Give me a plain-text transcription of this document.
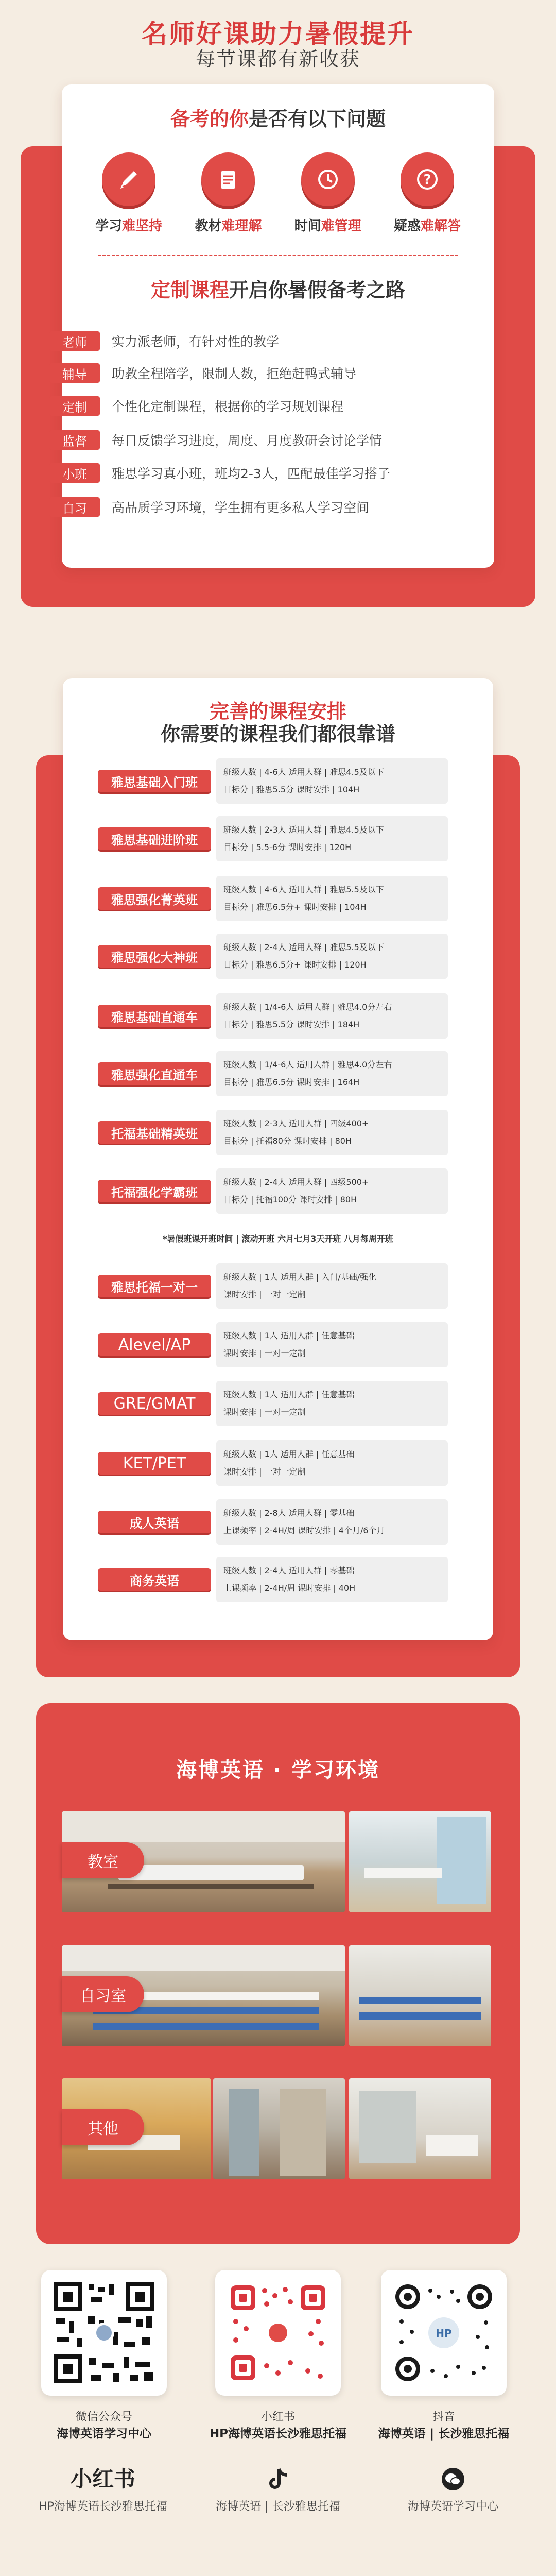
名师好课助力暑假提升
每节课都有新收获
备考的你是否有以下问题
学习难坚持	教材难理解	时间难管理
?
疑惑难解答
定制课程开启你暑假备考之路
老师	实力派老师，有针对性的教学
辅导	助教全程陪学，限制人数，拒绝赶鸭式辅导
定制	个性化定制课程，根据你的学习规划课程
监督	每日反馈学习进度，周度、月度教研会讨论学情
小班	雅思学习真小班，班均2-3人，匹配最佳学习搭子
自习	高品质学习环境，学生拥有更多私人学习空间
完善的课程安排
你需要的课程我们都很靠谱
雅思基础入门班
班级人数 | 4-6人 适用人群 | 雅思4.5及以下
目标分 | 雅思5.5分 课时安排 | 104H
雅思基础进阶班
班级人数 | 2-3人 适用人群 | 雅思4.5及以下
目标分 | 5.5-6分 课时安排 | 120H
雅思强化菁英班
班级人数 | 4-6人 适用人群 | 雅思5.5及以下
目标分 | 雅思6.5分+ 课时安排 | 104H
雅思强化大神班
班级人数 | 2-4人 适用人群 | 雅思5.5及以下
目标分 | 雅思6.5分+ 课时安排 | 120H
雅思基础直通车
班级人数 | 1/4-6人 适用人群 | 雅思4.0分左右
目标分 | 雅思5.5分 课时安排 | 184H
雅思强化直通车
班级人数 | 1/4-6人 适用人群 | 雅思4.0分左右
目标分 | 雅思6.5分 课时安排 | 164H
托福基础精英班
班级人数 | 2-3人 适用人群 | 四级400+
目标分 | 托福80分 课时安排 | 80H
托福强化学霸班
班级人数 | 2-4人 适用人群 | 四级500+
目标分 | 托福100分 课时安排 | 80H
*暑假班课开班时间 | 滚动开班 六月七月3天开班 八月每周开班
雅思托福一对一
班级人数 | 1人 适用人群 | 入门/基础/强化
课时安排 | 一对一定制
Alevel/AP	班级人数 | 1人 适用人群 | 任意基础
课时安排 | 一对一定制
GRE/GMAT	班级人数 | 1人 适用人群 | 任意基础
课时安排 | 一对一定制
KET/PET	班级人数 | 1人 适用人群 | 任意基础
课时安排 | 一对一定制
成人英语
班级人数 | 2-8人 适用人群 | 零基础
上课频率 | 2-4H/周 课时安排 | 4个月/6个月
商务英语
班级人数 | 2-4人 适用人群 | 零基础
上课频率 | 2-4H/周 课时安排 | 40H
海博英语 · 学习环境
教室
自习室
其他
微信公众号
海博英语学习中心
小红书
HP海博英语长沙雅思托福
HP
抖音
海博英语 | 长沙雅思托福
小红书
HP海博英语长沙雅思托福	海博英语 | 长沙雅思托福	海博英语学习中心
